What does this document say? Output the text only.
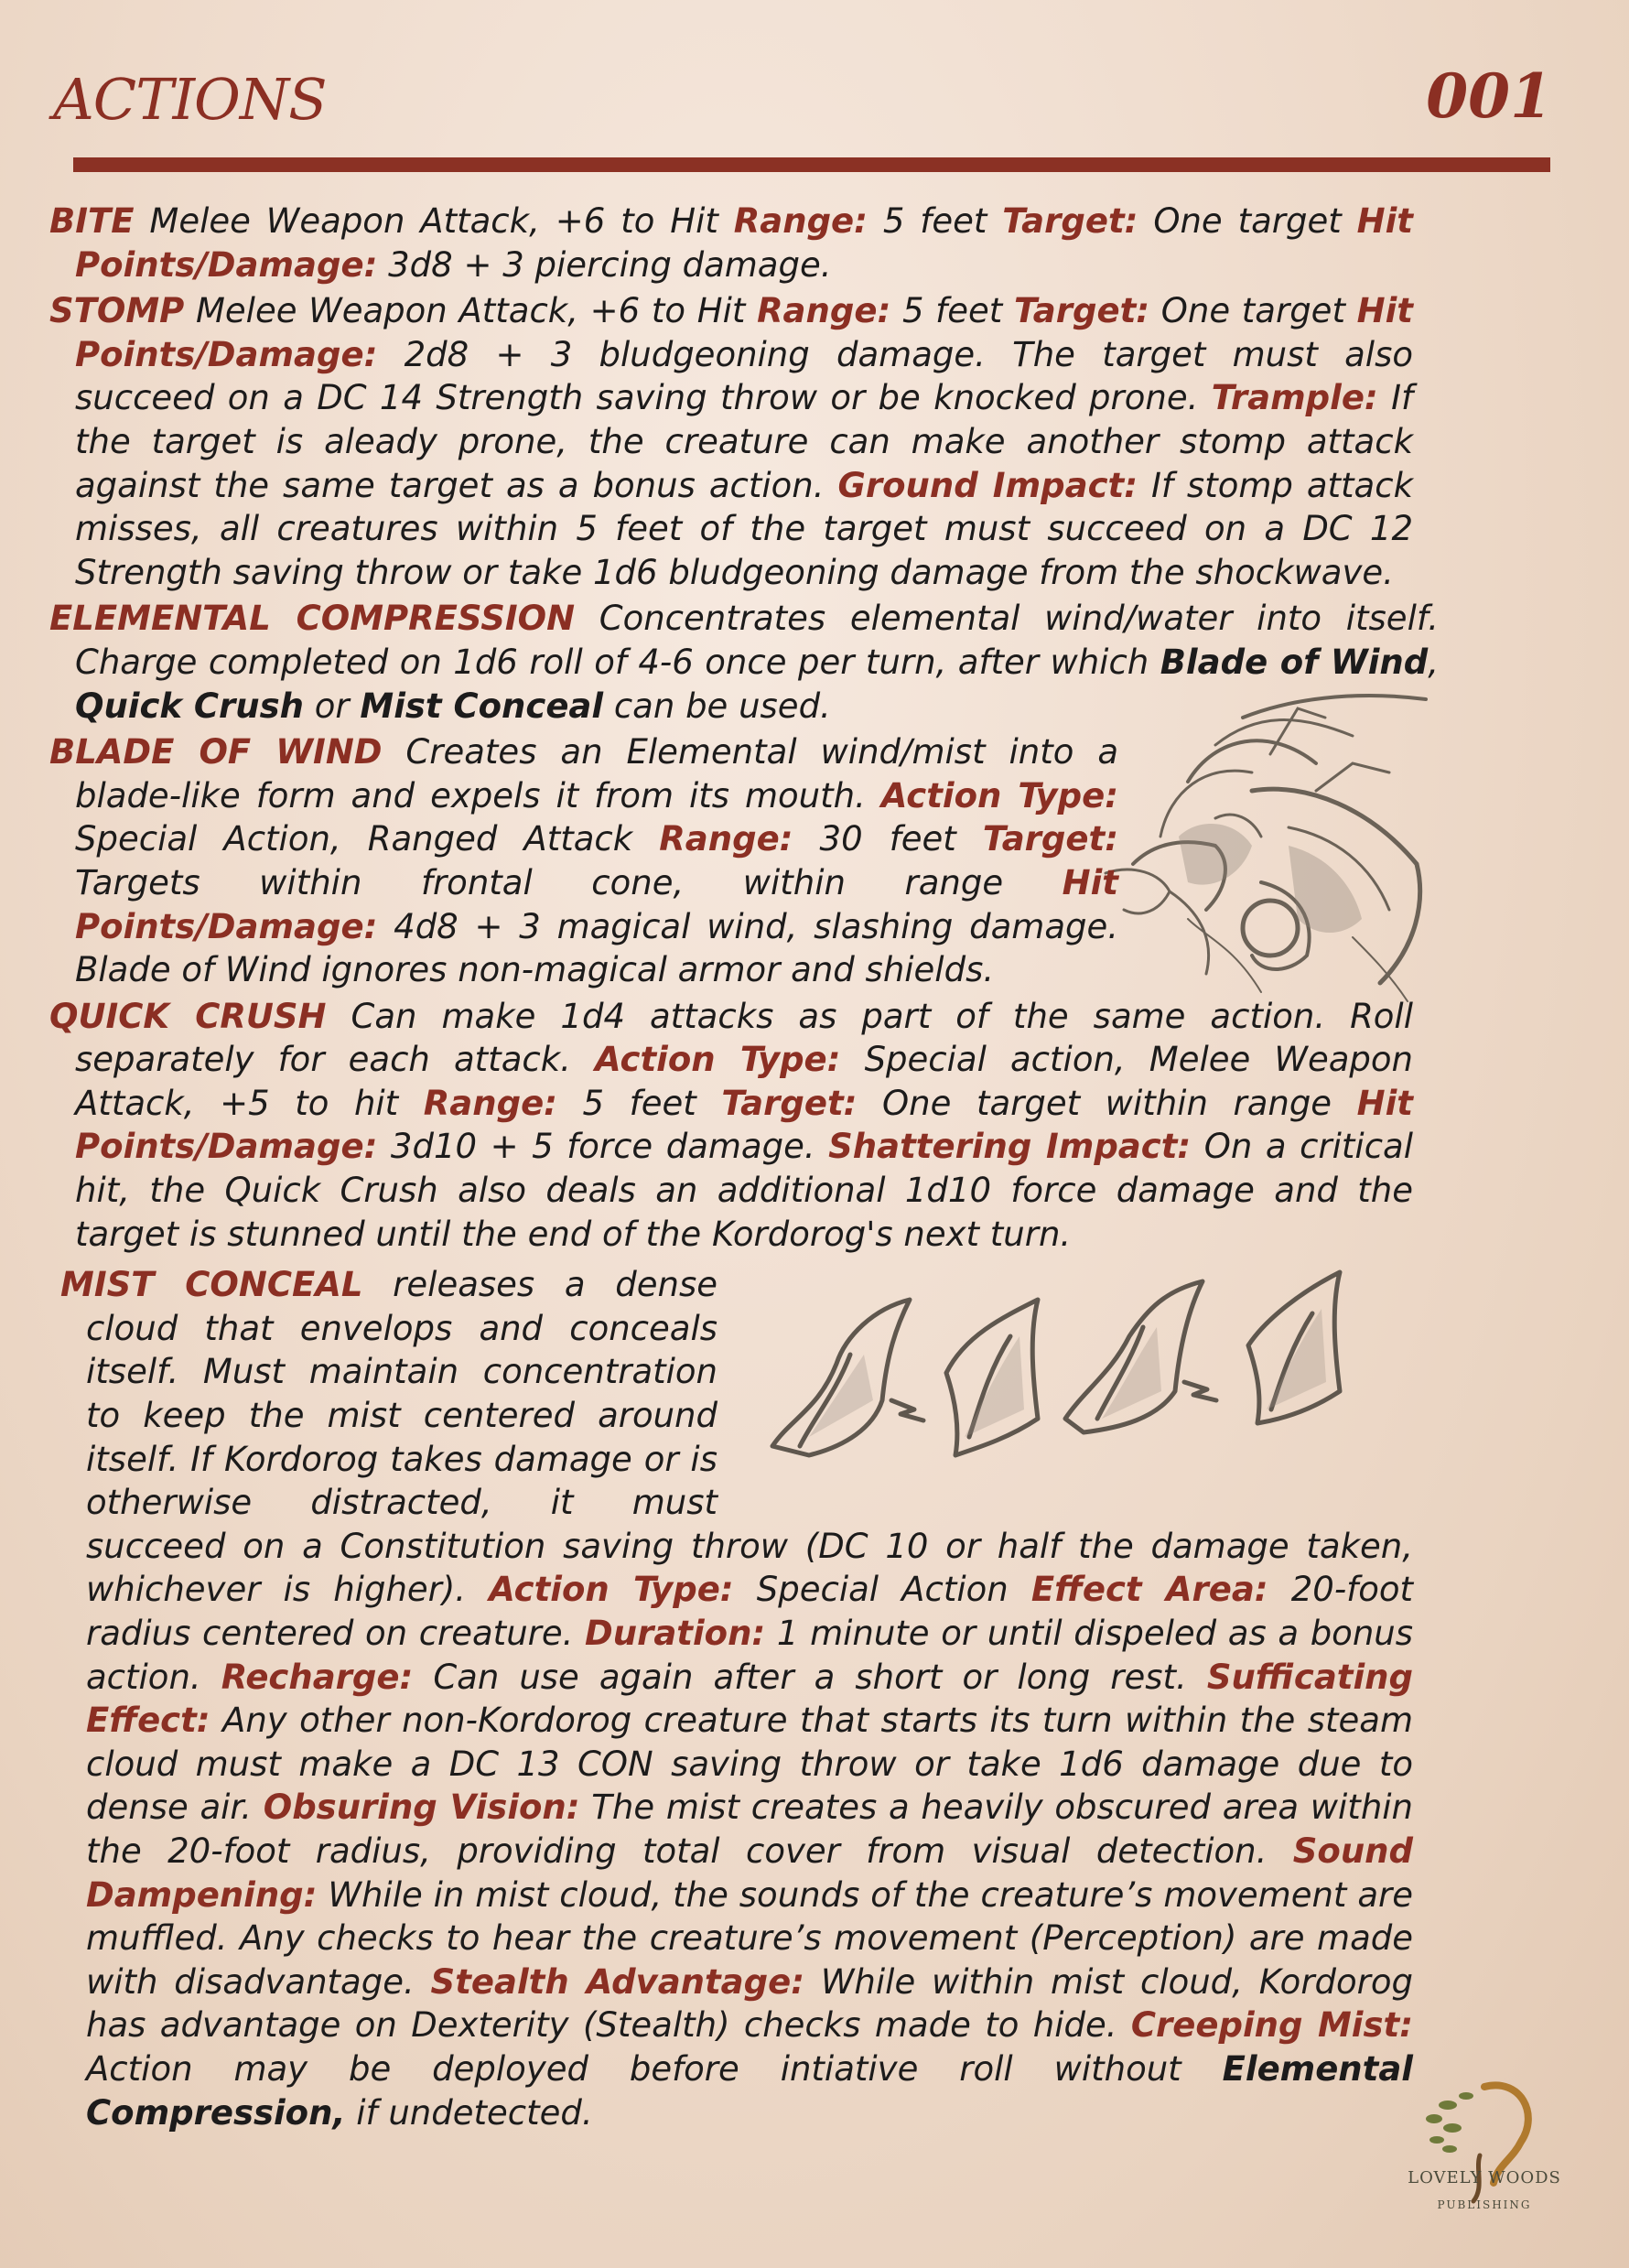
ACTIONS	001

BITE Melee Weapon Attack, +6 to Hit Range: 5 feet Target: One target Hit Points/Damage: 3d8 + 3 piercing damage.

STOMP Melee Weapon Attack, +6 to Hit Range: 5 feet Target: One target Hit Points/Damage: 2d8 + 3 bludgeoning damage. The target must also succeed on a DC 14 Strength saving throw or be knocked prone. Trample: If the target is aleady prone, the creature can make another stomp attack against the same target as a bonus action. Ground Impact: If stomp attack misses, all creatures within 5 feet of the target must succeed on a DC 12 Strength saving throw or take 1d6 bludgeoning damage from the shockwave.

ELEMENTAL COMPRESSION Concentrates elemental wind/water into itself. Charge completed on 1d6 roll of 4-6 once per turn, after which Blade of Wind, Quick Crush or Mist Conceal can be used.

BLADE OF WIND Creates an Elemental wind/mist into a blade-like form and expels it from its mouth. Action Type: Special Action, Ranged Attack Range: 30 feet Target: Targets within frontal cone, within range Hit Points/Damage: 4d8 + 3 magical wind, slashing damage. Blade of Wind ignores non-magical armor and shields.

QUICK CRUSH Can make 1d4 attacks as part of the same action. Roll separately for each attack. Action Type: Special action, Melee Weapon Attack, +5 to hit Range: 5 feet Target: One target within range Hit Points/Damage: 3d10 + 5 force damage. Shattering Impact: On a critical hit, the Quick Crush also deals an additional 1d10 force damage and the target is stunned until the end of the Kordorog's next turn.

MIST CONCEAL releases a dense cloud that envelops and conceals itself. Must maintain concentration to keep the mist centered around itself. If Kordorog takes damage or is otherwise distracted, it must succeed on a Constitution saving throw (DC 10 or half the damage taken, whichever is higher). Action Type: Special Action Effect Area: 20-foot radius centered on creature. Duration: 1 minute or until dispeled as a bonus action. Recharge: Can use again after a short or long rest. Sufficating Effect: Any other non-Kordorog creature that starts its turn within the steam cloud must make a DC 13 CON saving throw or take 1d6 damage due to dense air. Obsuring Vision: The mist creates a heavily obscured area within the 20-foot radius, providing total cover from visual detection. Sound Dampening: While in mist cloud, the sounds of the creature’s movement are muffled. Any checks to hear the creature’s movement (Perception) are made with disadvantage. Stealth Advantage: While within mist cloud, Kordorog has advantage on Dexterity (Stealth) checks made to hide. Creeping Mist: Action may be deployed before intiative roll without Elemental Compression, if undetected.
LOVELY WOODS
PUBLISHING
